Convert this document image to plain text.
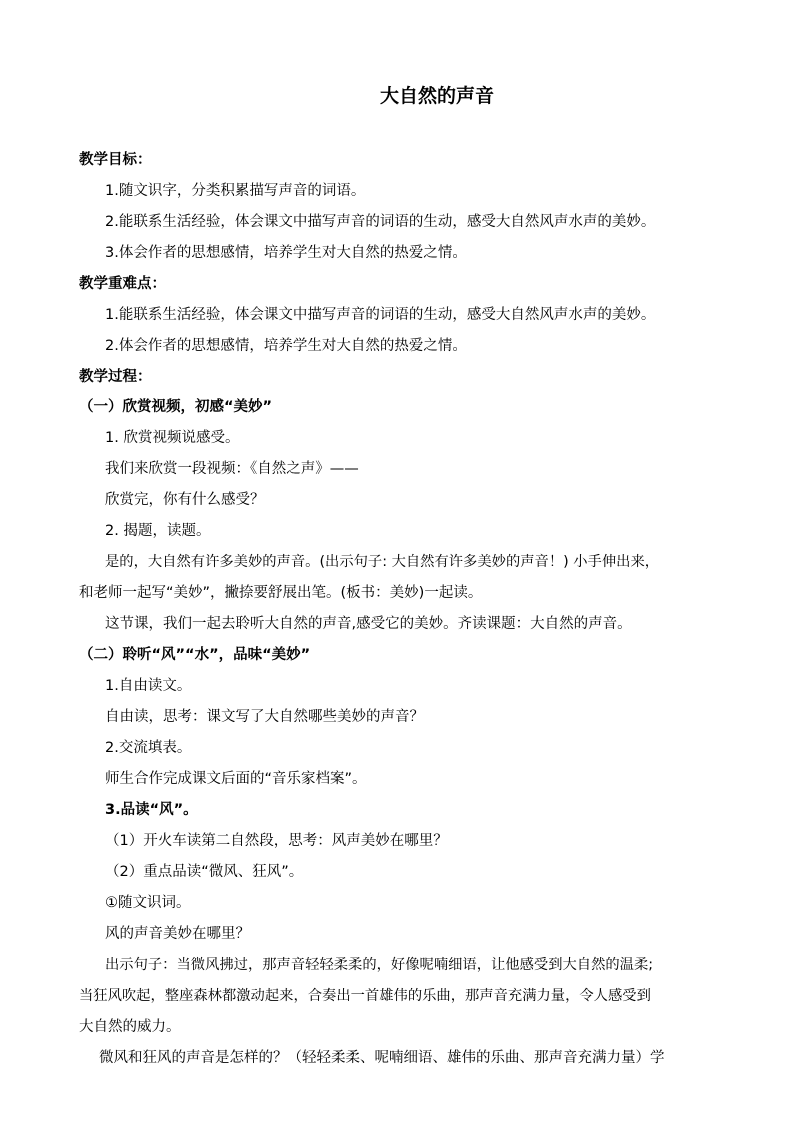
大自然的声音
教学目标：
1.随文识字，分类积累描写声音的词语。
2.能联系生活经验，体会课文中描写声音的词语的生动，感受大自然风声水声的美妙。
3.体会作者的思想感情，培养学生对大自然的热爱之情。
教学重难点：
1.能联系生活经验，体会课文中描写声音的词语的生动，感受大自然风声水声的美妙。
2.体会作者的思想感情，培养学生对大自然的热爱之情。
教学过程：
（一）欣赏视频，初感“美妙”
1. 欣赏视频说感受。
我们来欣赏一段视频：《自然之声》——
欣赏完，你有什么感受？
2. 揭题，读题。
是的，大自然有许多美妙的声音。(出示句子: 大自然有许多美妙的声音！) 小手伸出来，
和老师一起写“美妙”，撇捺要舒展出笔。(板书：美妙)一起读。
这节课，我们一起去聆听大自然的声音,感受它的美妙。齐读课题：大自然的声音。
（二）聆听“风”“水”，品味“美妙”
1.自由读文。
自由读，思考：课文写了大自然哪些美妙的声音？
2.交流填表。
师生合作完成课文后面的“音乐家档案”。
3.品读“风”。
（1）开火车读第二自然段，思考：风声美妙在哪里？
（2）重点品读“微风、狂风”。
①随文识词。
风的声音美妙在哪里？
出示句子：当微风拂过，那声音轻轻柔柔的，好像呢喃细语，让他感受到大自然的温柔;
当狂风吹起，整座森林都激动起来，合奏出一首雄伟的乐曲，那声音充满力量，令人感受到
大自然的威力。
微风和狂风的声音是怎样的？（轻轻柔柔、呢喃细语、雄伟的乐曲、那声音充满力量）学
